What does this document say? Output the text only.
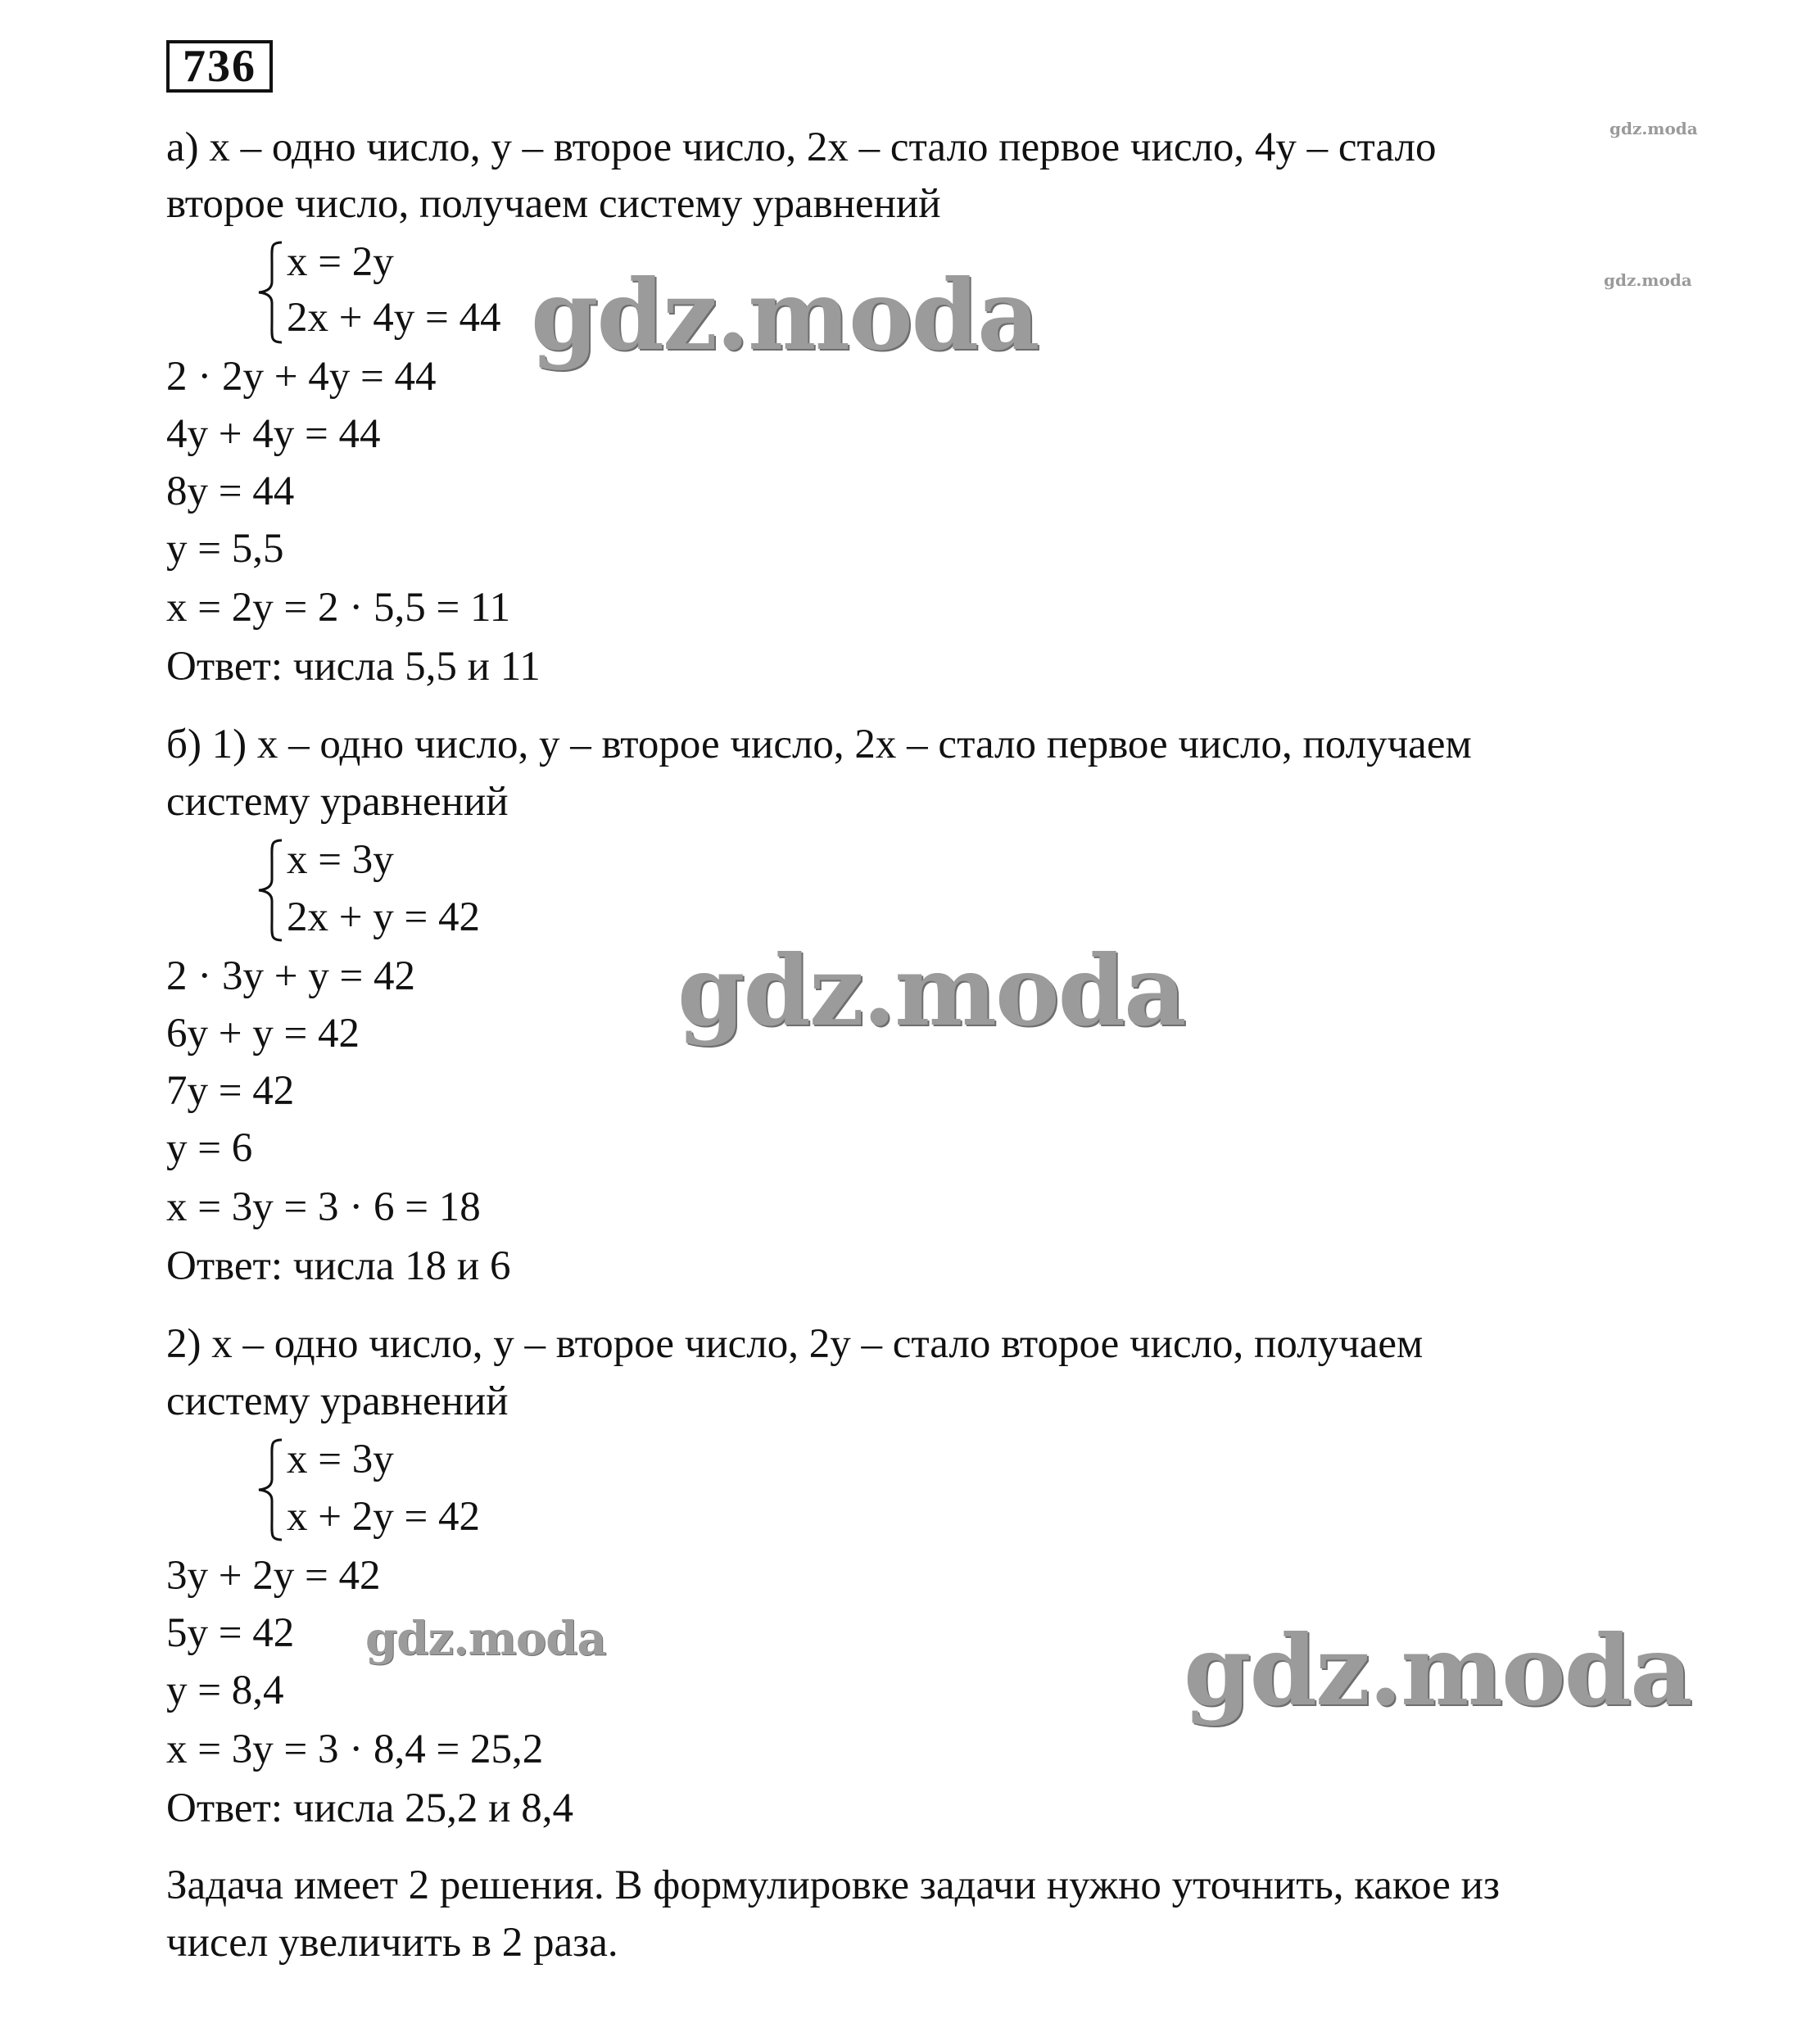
736
а) х – одно число, у – второе число, 2х – стало первое число, 4у – стало
второе число, получаем систему уравнений
х = 2у
2х + 4у = 44
2 · 2у + 4у = 44
4у + 4у = 44
8у = 44
у = 5,5
х = 2у = 2 · 5,5 = 11
Ответ: числа 5,5 и 11
б) 1) х – одно число, у – второе число, 2х – стало первое число, получаем
систему уравнений
х = 3у
2х + у = 42
2 · 3у + у = 42
6у + у = 42
7у = 42
у = 6
х = 3у = 3 · 6 = 18
Ответ: числа 18 и 6
2) х – одно число, у – второе число, 2у – стало второе число, получаем
систему уравнений
х = 3у
х + 2у = 42
3у + 2у = 42
5у = 42
у = 8,4
х = 3у = 3 · 8,4 = 25,2
Ответ: числа 25,2 и 8,4
Задача имеет 2 решения. В формулировке задачи нужно уточнить, какое из
чисел увеличить в 2 раза.
gdz.moda
gdz.moda
gdz.moda
gdz.moda
gdz.moda	gdz.moda
